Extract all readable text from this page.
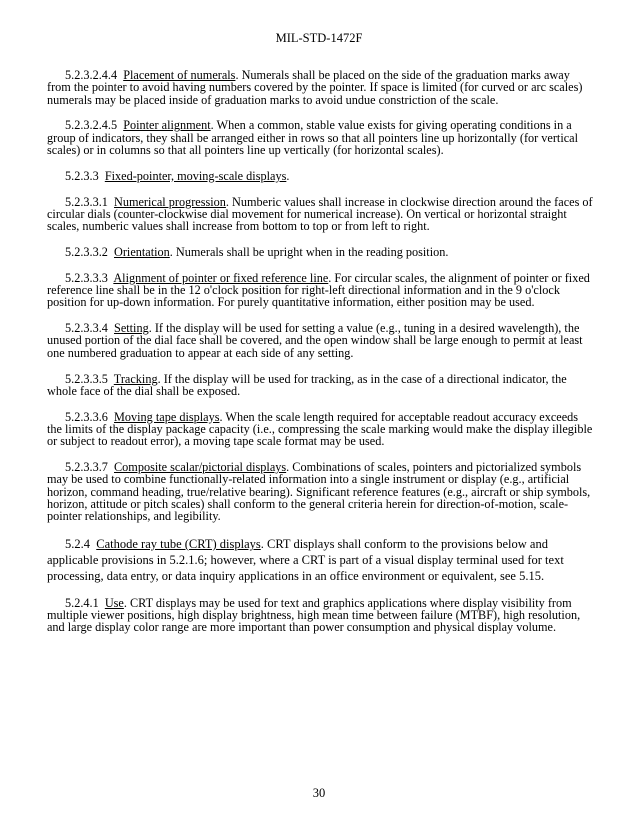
MIL-STD-1472F

5.2.3.2.4.4 Placement of numerals. Numerals shall be placed on the side of the graduation marks away from the pointer to avoid having numbers covered by the pointer. If space is limited (for curved or arc scales) numerals may be placed inside of graduation marks to avoid undue constriction of the scale.

5.2.3.2.4.5 Pointer alignment. When a common, stable value exists for giving operating conditions in a group of indicators, they shall be arranged either in rows so that all pointers line up horizontally (for vertical scales) or in columns so that all pointers line up vertically (for horizontal scales).

5.2.3.3 Fixed-pointer, moving-scale displays.

5.2.3.3.1 Numerical progression. Numberic values shall increase in clockwise direction around the faces of circular dials (counter-clockwise dial movement for numerical increase). On vertical or horizontal straight scales, numberic values shall increase from bottom to top or from left to right.

5.2.3.3.2 Orientation. Numerals shall be upright when in the reading position.

5.2.3.3.3 Alignment of pointer or fixed reference line. For circular scales, the alignment of pointer or fixed reference line shall be in the 12 o'clock position for right-left directional information and in the 9 o'clock position for up-down information. For purely quantitative information, either position may be used.

5.2.3.3.4 Setting. If the display will be used for setting a value (e.g., tuning in a desired wavelength), the unused portion of the dial face shall be covered, and the open window shall be large enough to permit at least one numbered graduation to appear at each side of any setting.

5.2.3.3.5 Tracking. If the display will be used for tracking, as in the case of a directional indicator, the whole face of the dial shall be exposed.

5.2.3.3.6 Moving tape displays. When the scale length required for acceptable readout accuracy exceeds the limits of the display package capacity (i.e., compressing the scale marking would make the display illegible or subject to readout error), a moving tape scale format may be used.

5.2.3.3.7 Composite scalar/pictorial displays. Combinations of scales, pointers and pictorialized symbols may be used to combine functionally-related information into a single instrument or display (e.g., artificial horizon, command heading, true/relative bearing). Significant reference features (e.g., aircraft or ship symbols, horizon, attitude or pitch scales) shall conform to the general criteria herein for direction-of-motion, scale-pointer relationships, and legibility.

5.2.4 Cathode ray tube (CRT) displays. CRT displays shall conform to the provisions below and applicable provisions in 5.2.1.6; however, where a CRT is part of a visual display terminal used for text processing, data entry, or data inquiry applications in an office environment or equivalent, see 5.15.

5.2.4.1 Use. CRT displays may be used for text and graphics applications where display visibility from multiple viewer positions, high display brightness, high mean time between failure (MTBF), high resolution, and large display color range are more important than power consumption and physical display volume.

30
